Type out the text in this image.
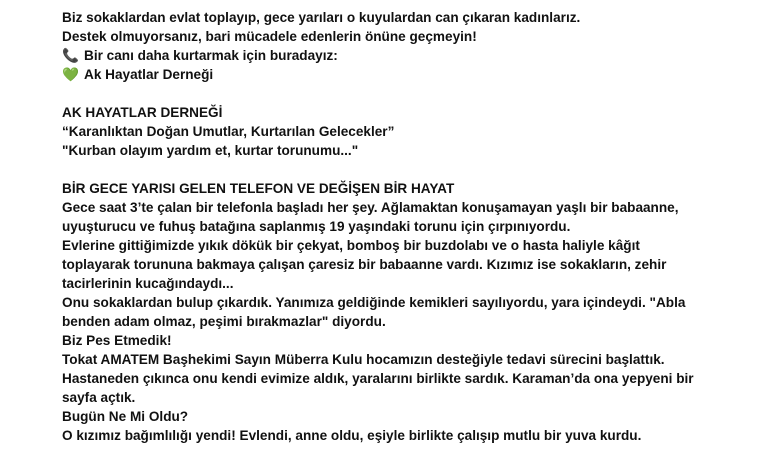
Biz sokaklardan evlat toplayıp, gece yarıları o kuyulardan can çıkaran kadınlarız.
Destek olmuyorsanız, bari mücadele edenlerin önüne geçmeyin!
📞 Bir canı daha kurtarmak için buradayız:
💚 Ak Hayatlar Derneği
AK HAYATLAR DERNEĞİ
“Karanlıktan Doğan Umutlar, Kurtarılan Gelecekler”
"Kurban olayım yardım et, kurtar torunumu..."
BİR GECE YARISI GELEN TELEFON VE DEĞİŞEN BİR HAYAT
Gece saat 3’te çalan bir telefonla başladı her şey. Ağlamaktan konuşamayan yaşlı bir babaanne,
uyuşturucu ve fuhuş batağına saplanmış 19 yaşındaki torunu için çırpınıyordu.
Evlerine gittiğimizde yıkık dökük bir çekyat, bomboş bir buzdolabı ve o hasta haliyle kâğıt
toplayarak torununa bakmaya çalışan çaresiz bir babaanne vardı. Kızımız ise sokakların, zehir
tacirlerinin kucağındaydı...
Onu sokaklardan bulup çıkardık. Yanımıza geldiğinde kemikleri sayılıyordu, yara içindeydi. "Abla
benden adam olmaz, peşimi bırakmazlar" diyordu.
Biz Pes Etmedik!
Tokat AMATEM Başhekimi Sayın Müberra Kulu hocamızın desteğiyle tedavi sürecini başlattık.
Hastaneden çıkınca onu kendi evimize aldık, yaralarını birlikte sardık. Karaman’da ona yepyeni bir
sayfa açtık.
Bugün Ne Mi Oldu?
O kızımız bağımlılığı yendi! Evlendi, anne oldu, eşiyle birlikte çalışıp mutlu bir yuva kurdu.
